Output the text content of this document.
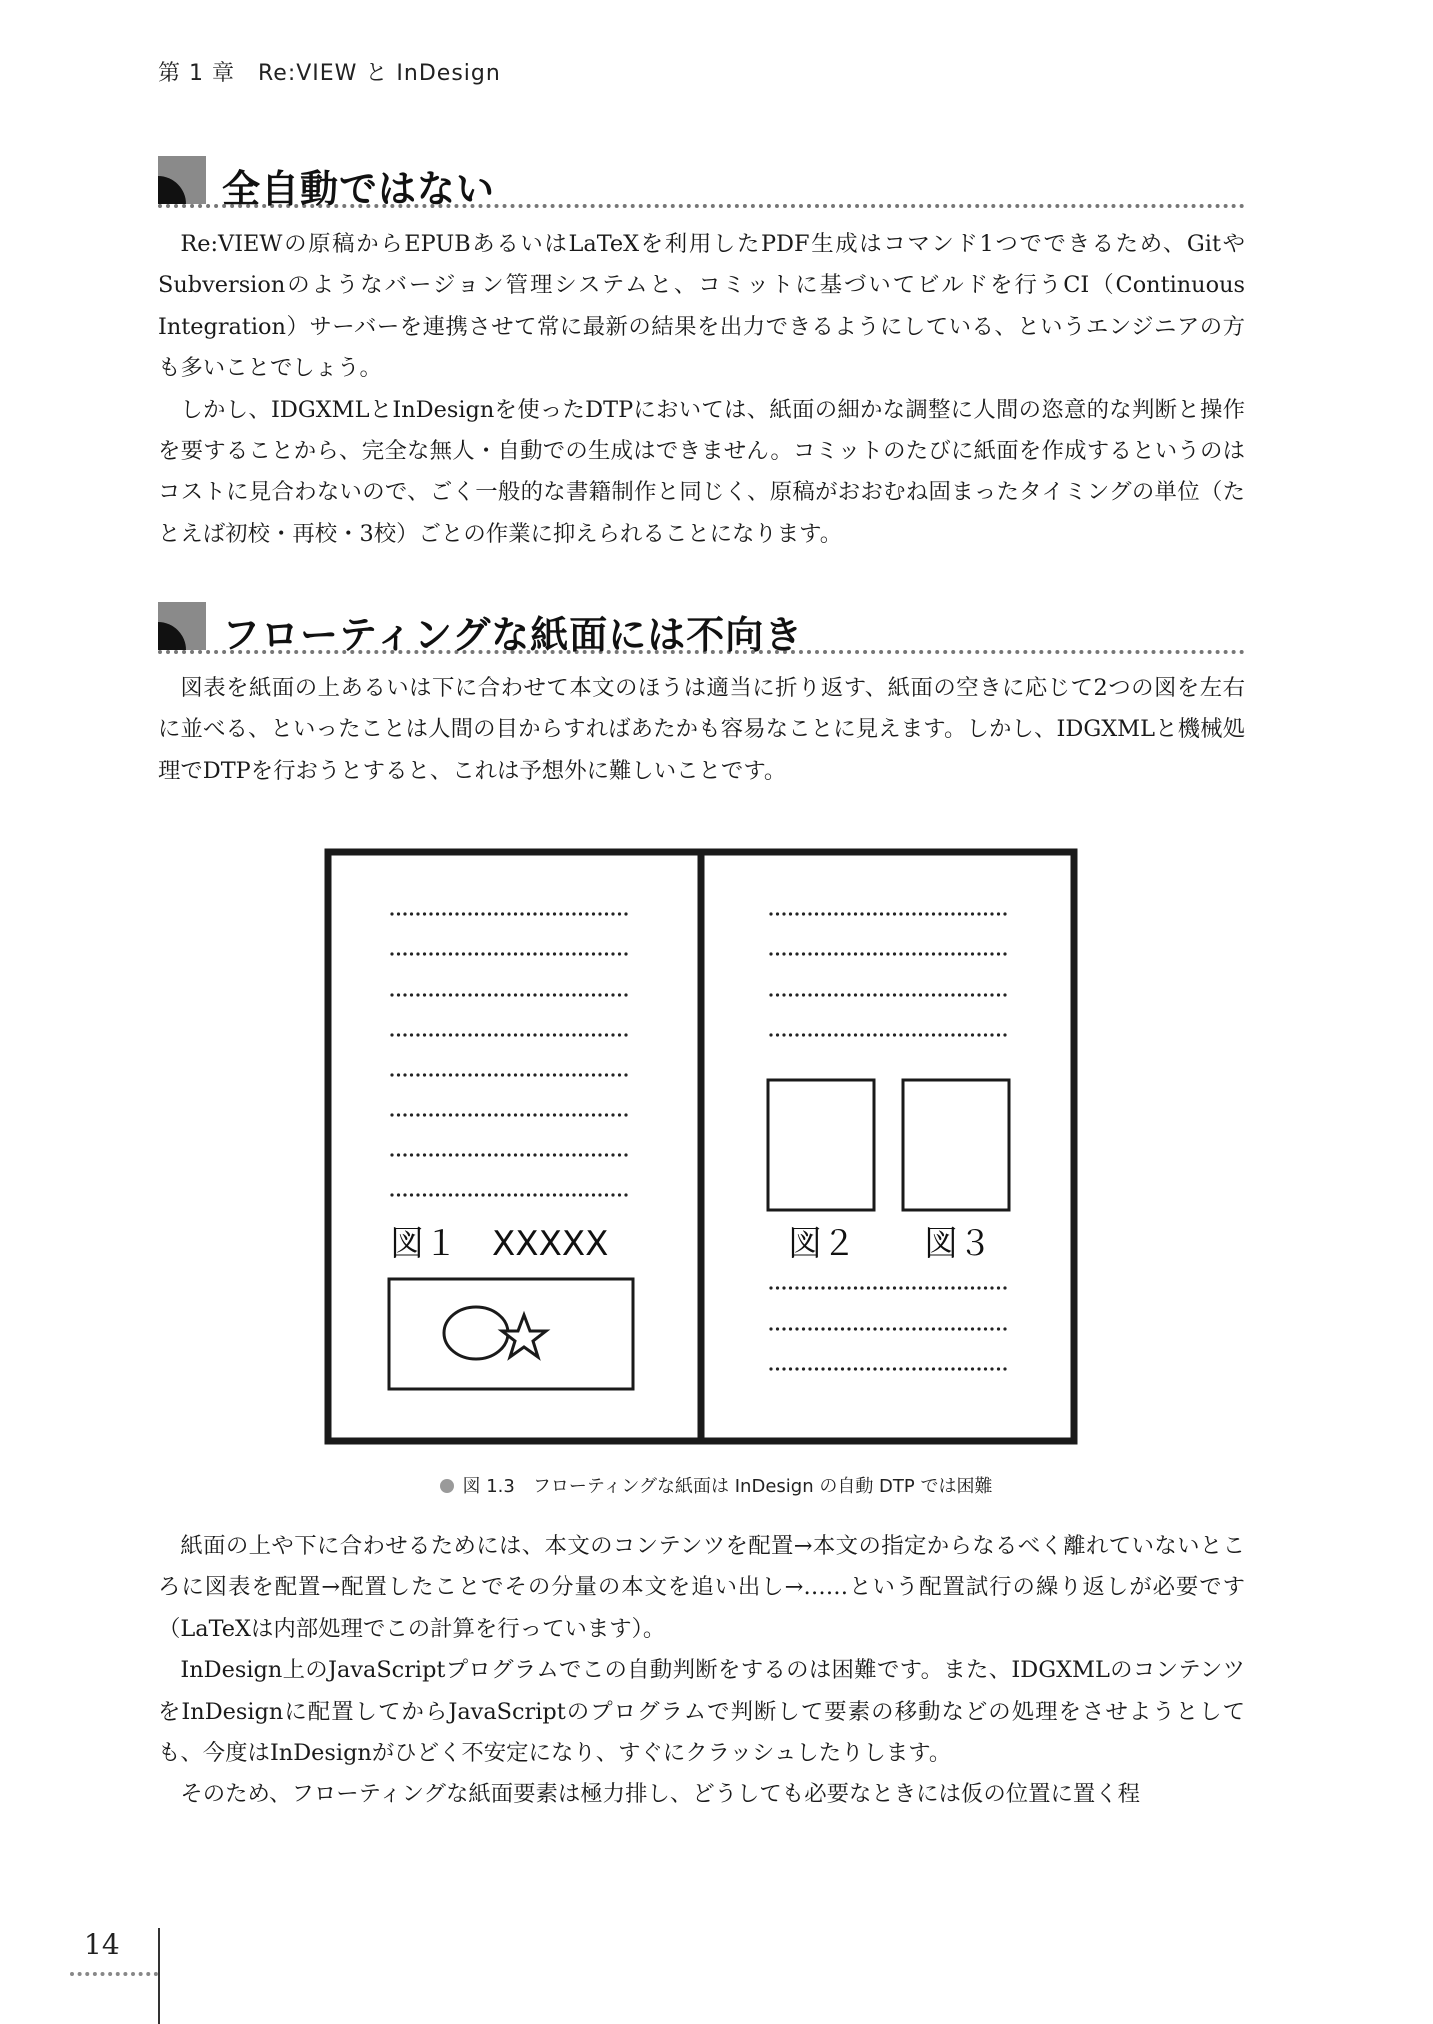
第 1 章　Re:VIEW と InDesign
全自動ではない

Re:VIEWの原稿からEPUBあるいはLaTeXを利用したPDF生成はコマンド1つでできるため、GitやSubversionのようなバージョン管理システムと、コミットに基づいてビルドを行うCI（Continuous Integration）サーバーを連携させて常に最新の結果を出力できるようにしている、というエンジニアの方も多いことでしょう。

しかし、IDGXMLとInDesignを使ったDTPにおいては、紙面の細かな調整に人間の恣意的な判断と操作を要することから、完全な無人・自動での生成はできません。コミットのたびに紙面を作成するというのはコストに見合わないので、ごく一般的な書籍制作と同じく、原稿がおおむね固まったタイミングの単位（たとえば初校・再校・3校）ごとの作業に抑えられることになります。

フローティングな紙面には不向き

図表を紙面の上あるいは下に合わせて本文のほうは適当に折り返す、紙面の空きに応じて2つの図を左右に並べる、といったことは人間の目からすればあたかも容易なことに見えます。しかし、IDGXMLと機械処理でDTPを行おうとすると、これは予想外に難しいことです。

図１　XXXXX	図２ 図３
図 1.3　フローティングな紙面は InDesign の自動 DTP では困難

紙面の上や下に合わせるためには、本文のコンテンツを配置→本文の指定からなるべく離れていないところに図表を配置→配置したことでその分量の本文を追い出し→……という配置試行の繰り返しが必要です（LaTeXは内部処理でこの計算を行っています）。

InDesign上のJavaScriptプログラムでこの自動判断をするのは困難です。また、IDGXMLのコンテンツをInDesignに配置してからJavaScriptのプログラムで判断して要素の移動などの処理をさせようとしても、今度はInDesignがひどく不安定になり、すぐにクラッシュしたりします。

そのため、フローティングな紙面要素は極力排し、どうしても必要なときには仮の位置に置く程

14
